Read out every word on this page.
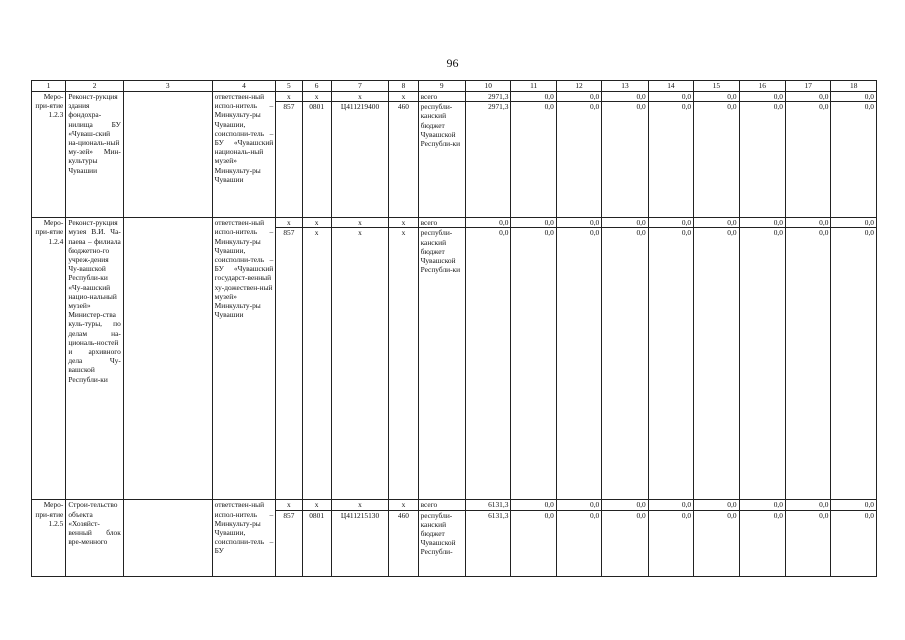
96
1	2	3	4	5	6	7	8	9	10	11	12	13	14	15	16	17	18
Меро-при-ятие 1.2.3	Реконст-рукция здания фондохра-нилища БУ «Чуваш-ский на-циональ-ный му-зей» Мин-культуры Чувашии		ответствен-ный испол-нитель – Минкульту-ры Чувашии, соисполни-тель – БУ «Чувашский националь-ный музей» Минкульту-ры Чувашии	x	x	x	x	всего	2971,3	0,0	0,0	0,0	0,0	0,0	0,0	0,0	0,0
				857	0801	Ц411219400	460	республи-канский бюджет Чувашской Республи-ки	2971,3	0,0	0,0	0,0	0,0	0,0	0,0	0,0	0,0
Меро-при-ятие 1.2.4	Реконст-рукция музея В.И. Ча-паева – филиала бюджетно-го учреж-дения Чу-вашской Республи-ки «Чу-вашский нацио-нальный музей» Министер-ства куль-туры, по делам на-циональ-ностей и архивного дела Чу-вашской Республи-ки		ответствен-ный испол-нитель – Минкульту-ры Чувашии, соисполни-тель – БУ «Чувашский государст-венный ху-дожествен-ный музей» Минкульту-ры Чувашии	x	x	x	x	всего	0,0	0,0	0,0	0,0	0,0	0,0	0,0	0,0	0,0
				857	x	x	x	республи-канский бюджет Чувашской Республи-ки	0,0	0,0	0,0	0,0	0,0	0,0	0,0	0,0	0,0
Меро-при-ятие 1.2.5	Строи-тельство объекта «Хозяйст-венный блок вре-менного		ответствен-ный испол-нитель – Минкульту-ры Чувашии, соисполни-тель – БУ	x	x	x	x	всего	6131,3	0,0	0,0	0,0	0,0	0,0	0,0	0,0	0,0
				857	0801	Ц411215130	460	республи-канский бюджет Чувашской Республи-	6131,3	0,0	0,0	0,0	0,0	0,0	0,0	0,0	0,0
